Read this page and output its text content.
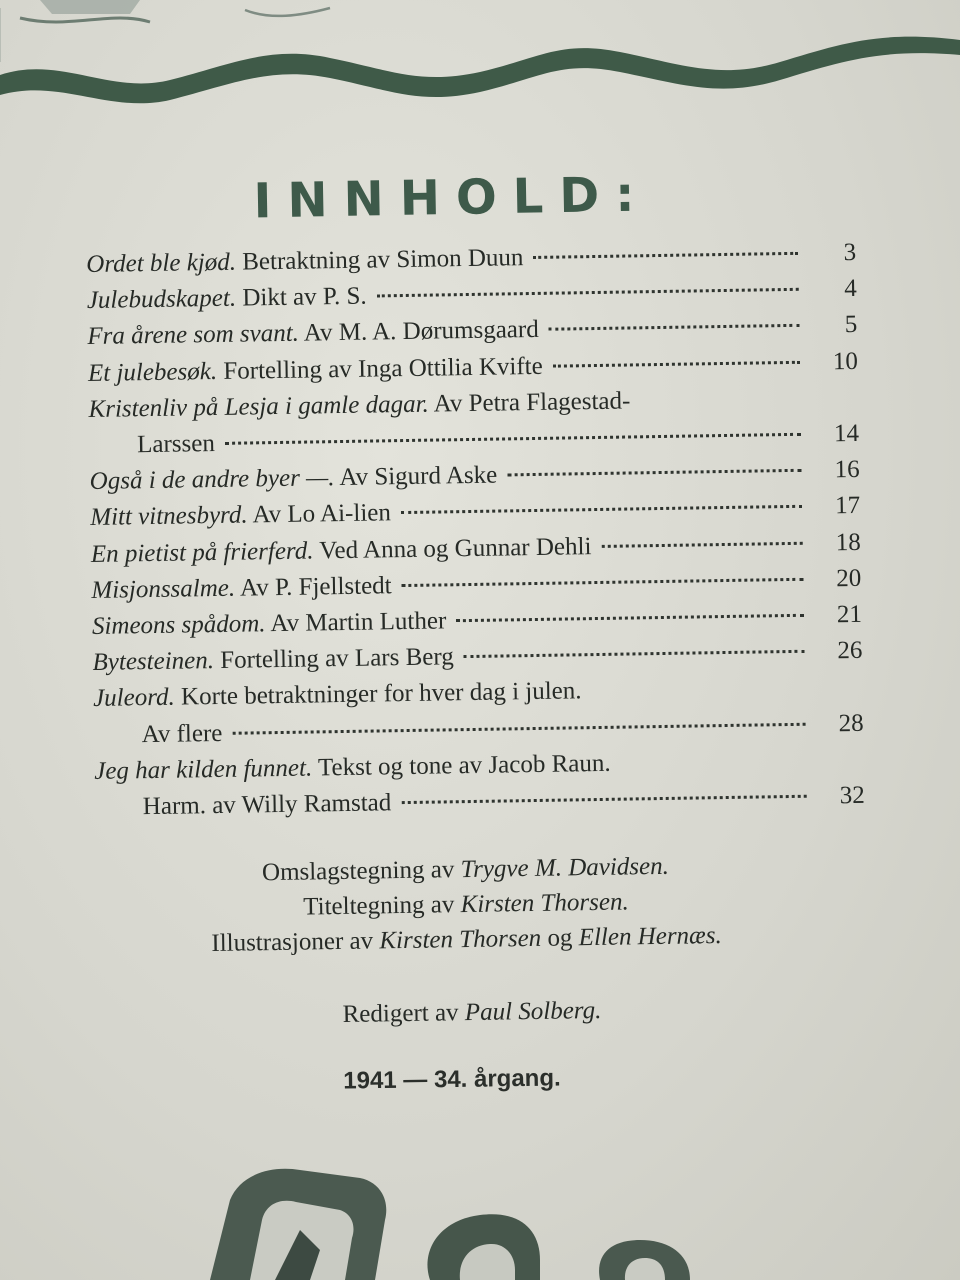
INNHOLD:
Ordet ble kjød. Betraktning av Simon Duun	3
Julebudskapet. Dikt av P. S.	4
Fra årene som svant. Av M. A. Dørumsgaard	5
Et julebesøk. Fortelling av Inga Ottilia Kvifte	10
Kristenliv på Lesja i gamle dagar. Av Petra Flagestad-
Larssen	14
Også i de andre byer —. Av Sigurd Aske	16
Mitt vitnesbyrd. Av Lo Ai-lien	17
En pietist på frierferd. Ved Anna og Gunnar Dehli	18
Misjonssalme. Av P. Fjellstedt	20
Simeons spådom. Av Martin Luther	21
Bytesteinen. Fortelling av Lars Berg	26
Juleord. Korte betraktninger for hver dag i julen.
Av flere	28
Jeg har kilden funnet. Tekst og tone av Jacob Raun.
Harm. av Willy Ramstad	32
Omslagstegning av Trygve M. Davidsen.
Titeltegning av Kirsten Thorsen.
Illustrasjoner av Kirsten Thorsen og Ellen Hernæs.
Redigert av Paul Solberg.
1941 — 34. årgang.
